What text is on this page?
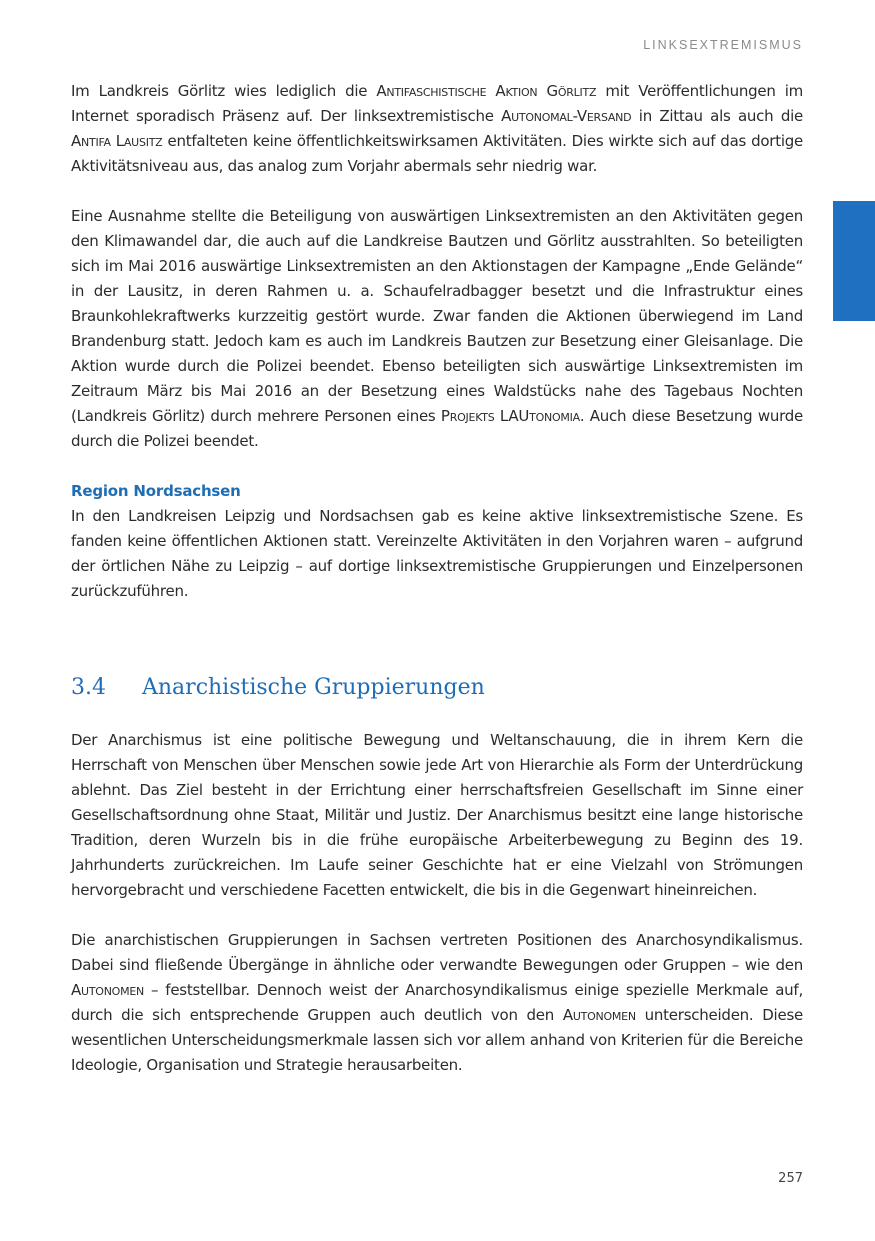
LINKSEXTREMISMUS

Im Landkreis Görlitz wies lediglich die Antifaschistische Aktion Görlitz mit Veröffentlichungen im Internet sporadisch Präsenz auf. Der linksextremistische Autonomal-Versand in Zittau als auch die Antifa Lausitz entfalteten keine öffentlichkeitswirksamen Aktivitäten. Dies wirkte sich auf das dortige Aktivitätsniveau aus, das analog zum Vorjahr abermals sehr niedrig war.

Eine Ausnahme stellte die Beteiligung von auswärtigen Linksextremisten an den Aktivitäten gegen den Klimawandel dar, die auch auf die Landkreise Bautzen und Görlitz ausstrahlten. So beteiligten sich im Mai 2016 auswärtige Linksextremisten an den Aktionstagen der Kampagne „Ende Gelände“ in der Lausitz, in deren Rahmen u. a. Schaufelradbagger besetzt und die Infrastruktur eines Braunkohlekraftwerks kurzzeitig gestört wurde. Zwar fanden die Aktionen überwiegend im Land Brandenburg statt. Jedoch kam es auch im Landkreis Bautzen zur Besetzung einer Gleisanlage. Die Aktion wurde durch die Polizei beendet. Ebenso beteiligten sich auswärtige Linksextremisten im Zeitraum März bis Mai 2016 an der Besetzung eines Waldstücks nahe des Tagebaus Nochten (Landkreis Görlitz) durch mehrere Personen eines Projekts LAUtonomia. Auch diese Besetzung wurde durch die Polizei beendet.

Region Nordsachsen

In den Landkreisen Leipzig und Nordsachsen gab es keine aktive linksextremistische Szene. Es fanden keine öffentlichen Aktionen statt. Vereinzelte Aktivitäten in den Vorjahren waren – aufgrund der örtlichen Nähe zu Leipzig – auf dortige linksextremistische Gruppierungen und Einzelpersonen zurückzuführen.

3.4	Anarchistische Gruppierungen

Der Anarchismus ist eine politische Bewegung und Weltanschauung, die in ihrem Kern die Herrschaft von Menschen über Menschen sowie jede Art von Hierarchie als Form der Unterdrückung ablehnt. Das Ziel besteht in der Errichtung einer herrschaftsfreien Gesellschaft im Sinne einer Gesellschaftsordnung ohne Staat, Militär und Justiz. Der Anarchismus besitzt eine lange historische Tradition, deren Wurzeln bis in die frühe europäische Arbeiterbewegung zu Beginn des 19. Jahrhunderts zurückreichen. Im Laufe seiner Geschichte hat er eine Vielzahl von Strömungen hervorgebracht und verschiedene Facetten entwickelt, die bis in die Gegenwart hineinreichen.

Die anarchistischen Gruppierungen in Sachsen vertreten Positionen des Anarchosyndikalismus. Dabei sind fließende Übergänge in ähnliche oder verwandte Bewegungen oder Gruppen – wie den Autonomen – feststellbar. Dennoch weist der Anarchosyndikalismus einige spezielle Merkmale auf, durch die sich entsprechende Gruppen auch deutlich von den Autonomen unterscheiden. Diese wesentlichen Unterscheidungsmerkmale lassen sich vor allem anhand von Kriterien für die Bereiche Ideologie, Organisation und Strategie herausarbeiten.

257
